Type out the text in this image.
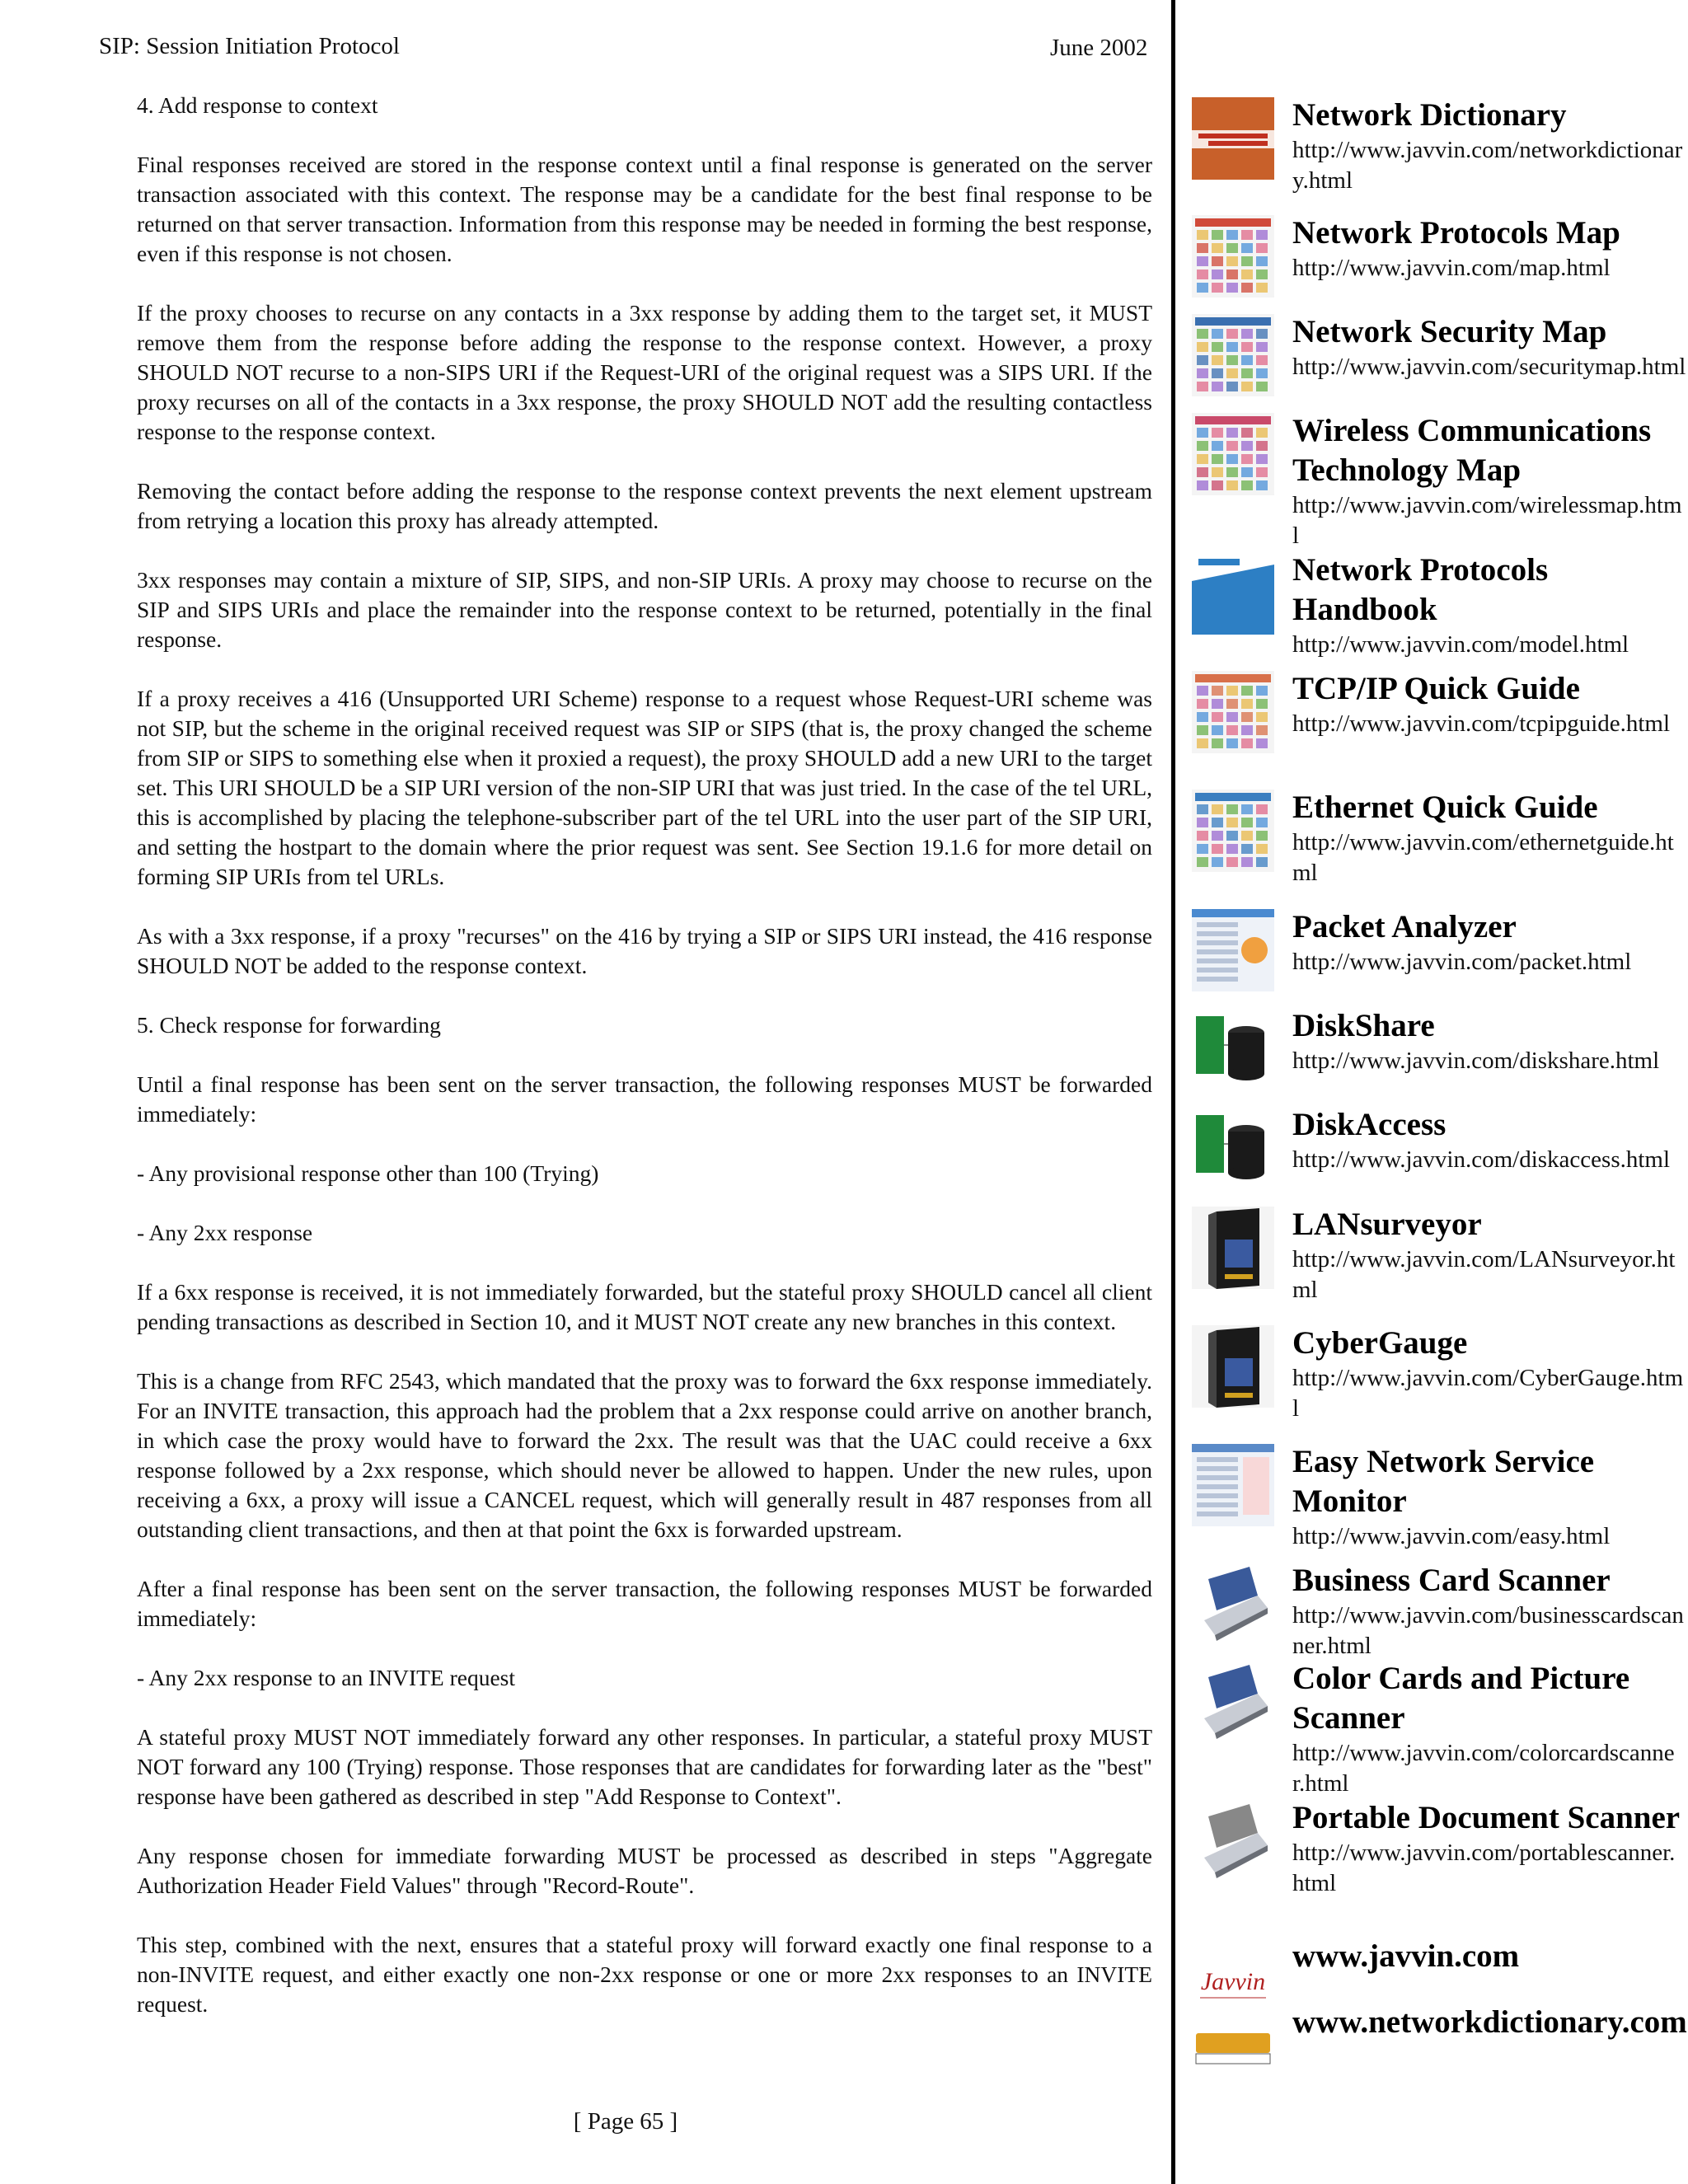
SIP: Session Initiation Protocol	June 2002

4. Add response to context

Final responses received are stored in the response context until a final response is generated on the server transaction associated with this context. The response may be a candidate for the best final response to be returned on that server transaction. Information from this response may be needed in forming the best response, even if this response is not chosen.

If the proxy chooses to recurse on any contacts in a 3xx response by adding them to the target set, it MUST remove them from the response before adding the response to the response context. However, a proxy SHOULD NOT recurse to a non-SIPS URI if the Request-URI of the original request was a SIPS URI. If the proxy recurses on all of the contacts in a 3xx response, the proxy SHOULD NOT add the resulting contactless response to the response context.

Removing the contact before adding the response to the response context prevents the next element upstream from retrying a location this proxy has already attempted.

3xx responses may contain a mixture of SIP, SIPS, and non-SIP URIs. A proxy may choose to recurse on the SIP and SIPS URIs and place the remainder into the response context to be returned, potentially in the final response.

If a proxy receives a 416 (Unsupported URI Scheme) response to a request whose Request-URI scheme was not SIP, but the scheme in the original received request was SIP or SIPS (that is, the proxy changed the scheme from SIP or SIPS to something else when it proxied a request), the proxy SHOULD add a new URI to the target set. This URI SHOULD be a SIP URI version of the non-SIP URI that was just tried. In the case of the tel URL, this is accomplished by placing the telephone-subscriber part of the tel URL into the user part of the SIP URI, and setting the hostpart to the domain where the prior request was sent. See Section 19.1.6 for more detail on forming SIP URIs from tel URLs.

As with a 3xx response, if a proxy "recurses" on the 416 by trying a SIP or SIPS URI instead, the 416 response SHOULD NOT be added to the response context.

5. Check response for forwarding

Until a final response has been sent on the server transaction, the following responses MUST be forwarded immediately:

- Any provisional response other than 100 (Trying)

- Any 2xx response

If a 6xx response is received, it is not immediately forwarded, but the stateful proxy SHOULD cancel all client pending transactions as described in Section 10, and it MUST NOT create any new branches in this context.

This is a change from RFC 2543, which mandated that the proxy was to forward the 6xx response immediately. For an INVITE transaction, this approach had the problem that a 2xx response could arrive on another branch, in which case the proxy would have to forward the 2xx. The result was that the UAC could receive a 6xx response followed by a 2xx response, which should never be allowed to happen. Under the new rules, upon receiving a 6xx, a proxy will issue a CANCEL request, which will generally result in 487 responses from all outstanding client transactions, and then at that point the 6xx is forwarded upstream.

After a final response has been sent on the server transaction, the following responses MUST be forwarded immediately:

- Any 2xx response to an INVITE request

A stateful proxy MUST NOT immediately forward any other responses. In particular, a stateful proxy MUST NOT forward any 100 (Trying) response. Those responses that are candidates for forwarding later as the "best" response have been gathered as described in step "Add Response to Context".

Any response chosen for immediate forwarding MUST be processed as described in steps "Aggregate Authorization Header Field Values" through "Record-Route".

This step, combined with the next, ensures that a stateful proxy will forward exactly one final response to a non-INVITE request, and either exactly one non-2xx response or one or more 2xx responses to an INVITE request.

[ Page 65 ]
Network Dictionary
http://www.javvin.com/networkdictionary.html
Network Protocols Map
http://www.javvin.com/map.html
Network Security Map
http://www.javvin.com/securitymap.html
Wireless Communications Technology Map
http://www.javvin.com/wirelessmap.html
Network Protocols Handbook
http://www.javvin.com/model.html
TCP/IP Quick Guide
http://www.javvin.com/tcpipguide.html
Ethernet Quick Guide
http://www.javvin.com/ethernetguide.html
Packet Analyzer
http://www.javvin.com/packet.html
DiskShare
http://www.javvin.com/diskshare.html
DiskAccess
http://www.javvin.com/diskaccess.html
LANsurveyor
http://www.javvin.com/LANsurveyor.html
CyberGauge
http://www.javvin.com/CyberGauge.html
Easy Network Service Monitor
http://www.javvin.com/easy.html
Business Card Scanner
http://www.javvin.com/businesscardscanner.html
Color Cards and Picture Scanner
http://www.javvin.com/colorcardscanner.html
Portable Document Scanner
http://www.javvin.com/portablescanner.html
Javvin
www.javvin.com
www.networkdictionary.com
